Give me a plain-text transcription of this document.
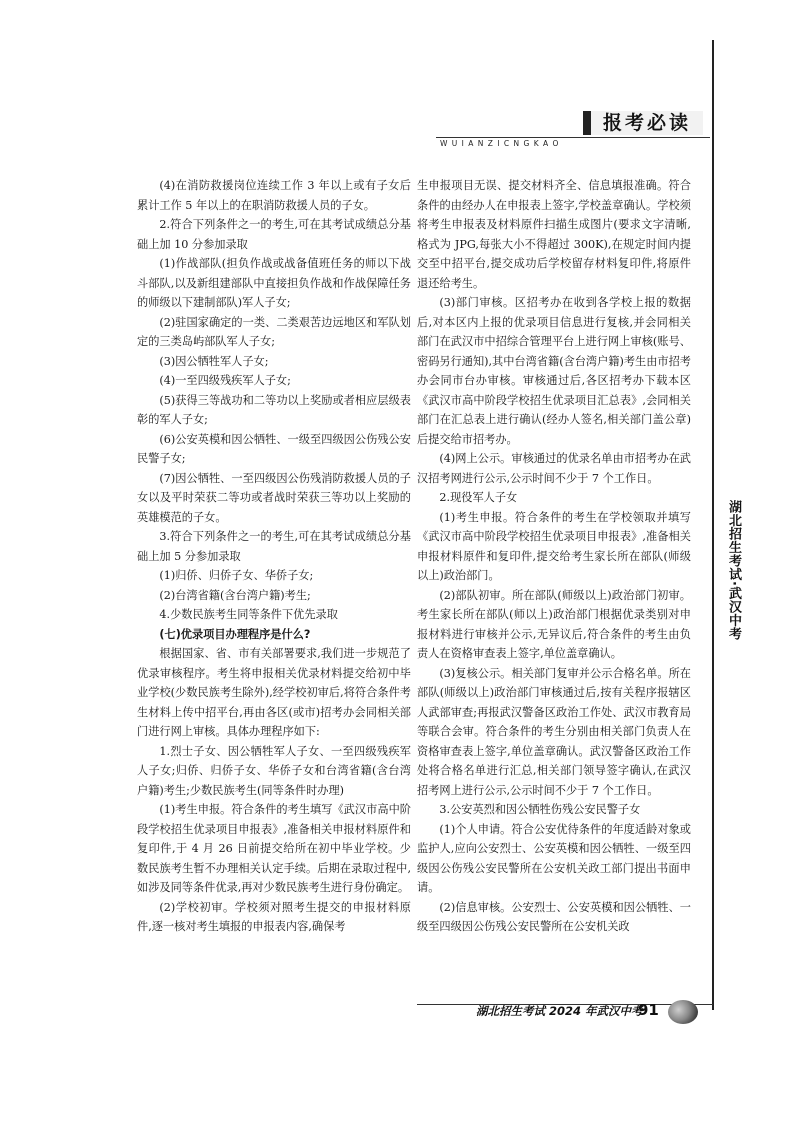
报考必读
W U I A N Z I C N G K A O
湖北招生考试·武汉中考

(4)在消防救援岗位连续工作 3 年以上或有子女后累计工作 5 年以上的在职消防救援人员的子女。

2.符合下列条件之一的考生,可在其考试成绩总分基础上加 10 分参加录取

(1)作战部队(担负作战或战备值班任务的师以下战斗部队,以及新组建部队中直接担负作战和作战保障任务的师级以下建制部队)军人子女;

(2)驻国家确定的一类、二类艰苦边远地区和军队划定的三类岛屿部队军人子女;

(3)因公牺牲军人子女;

(4)一至四级残疾军人子女;

(5)获得三等战功和二等功以上奖励或者相应层级表彰的军人子女;

(6)公安英模和因公牺牲、一级至四级因公伤残公安民警子女;

(7)因公牺牲、一至四级因公伤残消防救援人员的子女以及平时荣获二等功或者战时荣获三等功以上奖励的英雄模范的子女。

3.符合下列条件之一的考生,可在其考试成绩总分基础上加 5 分参加录取

(1)归侨、归侨子女、华侨子女;

(2)台湾省籍(含台湾户籍)考生;

4.少数民族考生同等条件下优先录取

(七)优录项目办理程序是什么?

根据国家、省、市有关部署要求,我们进一步规范了优录审核程序。考生将申报相关优录材料提交给初中毕业学校(少数民族考生除外),经学校初审后,将符合条件考生材料上传中招平台,再由各区(或市)招考办会同相关部门进行网上审核。具体办理程序如下:

1.烈士子女、因公牺牲军人子女、一至四级残疾军人子女;归侨、归侨子女、华侨子女和台湾省籍(含台湾户籍)考生;少数民族考生(同等条件时办理)

(1)考生申报。符合条件的考生填写《武汉市高中阶段学校招生优录项目申报表》,准备相关申报材料原件和复印件,于 4 月 26 日前提交给所在初中毕业学校。少数民族考生暂不办理相关认定手续。后期在录取过程中,如涉及同等条件优录,再对少数民族考生进行身份确定。

(2)学校初审。学校须对照考生提交的申报材料原件,逐一核对考生填报的申报表内容,确保考

生申报项目无误、提交材料齐全、信息填报准确。符合条件的由经办人在申报表上签字,学校盖章确认。学校须将考生申报表及材料原件扫描生成图片(要求文字清晰,格式为 JPG,每张大小不得超过 300K),在规定时间内提交至中招平台,提交成功后学校留存材料复印件,将原件退还给考生。

(3)部门审核。区招考办在收到各学校上报的数据后,对本区内上报的优录项目信息进行复核,并会同相关部门在武汉市中招综合管理平台上进行网上审核(账号、密码另行通知),其中台湾省籍(含台湾户籍)考生由市招考办会同市台办审核。审核通过后,各区招考办下载本区《武汉市高中阶段学校招生优录项目汇总表》,会同相关部门在汇总表上进行确认(经办人签名,相关部门盖公章)后提交给市招考办。

(4)网上公示。审核通过的优录名单由市招考办在武汉招考网进行公示,公示时间不少于 7 个工作日。

2.现役军人子女

(1)考生申报。符合条件的考生在学校领取并填写《武汉市高中阶段学校招生优录项目申报表》,准备相关申报材料原件和复印件,提交给考生家长所在部队(师级以上)政治部门。

(2)部队初审。所在部队(师级以上)政治部门初审。考生家长所在部队(师以上)政治部门根据优录类别对申报材料进行审核并公示,无异议后,符合条件的考生由负责人在资格审查表上签字,单位盖章确认。

(3)复核公示。相关部门复审并公示合格名单。所在部队(师级以上)政治部门审核通过后,按有关程序报辖区人武部审查;再报武汉警备区政治工作处、武汉市教育局等联合会审。符合条件的考生分别由相关部门负责人在资格审查表上签字,单位盖章确认。武汉警备区政治工作处将合格名单进行汇总,相关部门领导签字确认,在武汉招考网上进行公示,公示时间不少于 7 个工作日。

3.公安英烈和因公牺牲伤残公安民警子女

(1)个人申请。符合公安优待条件的年度适龄对象或监护人,应向公安烈士、公安英模和因公牺牲、一级至四级因公伤残公安民警所在公安机关政工部门提出书面申请。

(2)信息审核。公安烈士、公安英模和因公牺牲、一级至四级因公伤残公安民警所在公安机关政

湖北招生考试 2024 年武汉中考
91
